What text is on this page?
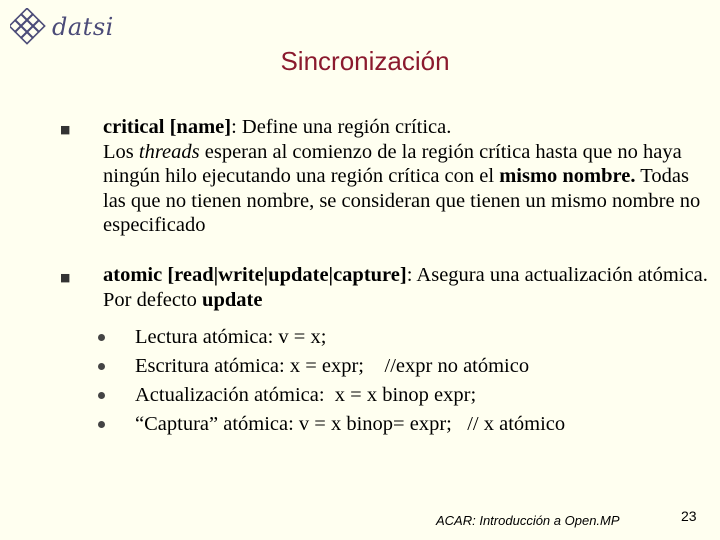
datsi
Sincronización
■ critical [name]: Define una región crítica.
Los threads esperan al comienzo de la región crítica hasta que no haya ningún hilo ejecutando una región crítica con el mismo nombre. Todas las que no tienen nombre, se consideran que tienen un mismo nombre no especificado
■ atomic [read|write|update|capture]: Asegura una actualización atómica. Por defecto update
Lectura atómica: v = x;
Escritura atómica: x = expr;    //expr no atómico
Actualización atómica:  x = x binop expr;
“Captura” atómica: v = x binop= expr;   // x atómico
ACAR: Introducción a Open.MP	23
